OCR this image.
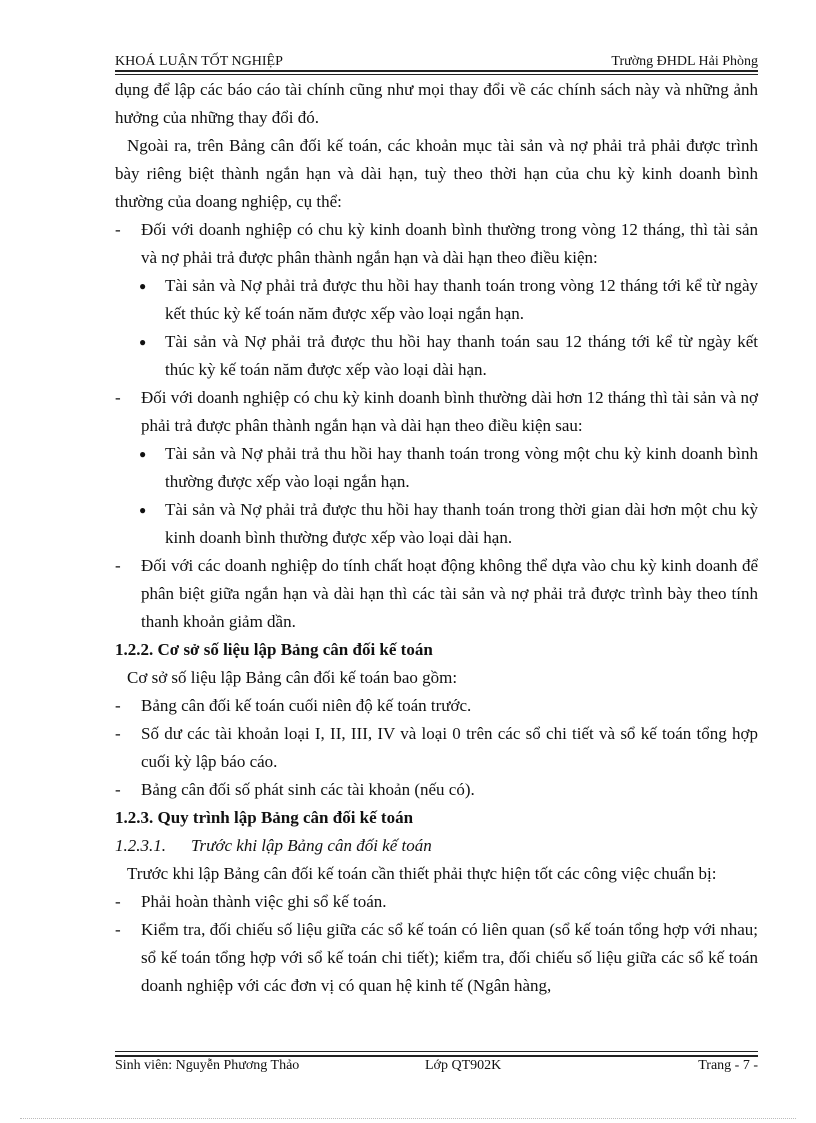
KHOÁ LUẬN TỐT NGHIỆP	Trường ĐHDL Hải Phòng

dụng để lập các báo cáo tài chính cũng như mọi thay đổi về các chính sách này và những ảnh hưởng của những thay đổi đó.

Ngoài ra, trên Bảng cân đối kế toán, các khoản mục tài sản và nợ phải trả phải được trình bày riêng biệt thành ngắn hạn và dài hạn, tuỳ theo thời hạn của chu kỳ kinh doanh bình thường của doang nghiệp, cụ thể:

- Đối với doanh nghiệp có chu kỳ kinh doanh bình thường trong vòng 12 tháng, thì tài sản và nợ phải trả được phân thành ngắn hạn và dài hạn theo điều kiện:

● Tài sản và Nợ phải trả được thu hồi hay thanh toán trong vòng 12 tháng tới kể từ ngày kết thúc kỳ kế toán năm được xếp vào loại ngắn hạn.

● Tài sản và Nợ phải trả được thu hồi hay thanh toán sau 12 tháng tới kể từ ngày kết thúc kỳ kế toán năm được xếp vào loại dài hạn.

- Đối với doanh nghiệp có chu kỳ kinh doanh bình thường dài hơn 12 tháng thì tài sản và nợ phải trả được phân thành ngắn hạn và dài hạn theo điều kiện sau:

● Tài sản và Nợ phải trả thu hồi hay thanh toán trong vòng một chu kỳ kinh doanh bình thường được xếp vào loại ngắn hạn.

● Tài sản và Nợ phải trả được thu hồi hay thanh toán trong thời gian dài hơn một chu kỳ kinh doanh bình thường được xếp vào loại dài hạn.

- Đối với các doanh nghiệp do tính chất hoạt động không thể dựa vào chu kỳ kinh doanh để phân biệt giữa ngắn hạn và dài hạn thì các tài sản và nợ phải trả được trình bày theo tính thanh khoản giảm dần.

1.2.2. Cơ sở số liệu lập Bảng cân đối kế toán

Cơ sở số liệu lập Bảng cân đối kế toán bao gồm:

- Bảng cân đối kế toán cuối niên độ kế toán trước.

- Số dư các tài khoản loại I, II, III, IV và loại 0 trên các sổ chi tiết và sổ kế toán tổng hợp cuối kỳ lập báo cáo.

- Bảng cân đối số phát sinh các tài khoản (nếu có).

1.2.3. Quy trình lập Bảng cân đối kế toán

1.2.3.1. Trước khi lập Bảng cân đối kế toán

Trước khi lập Bảng cân đối kế toán cần thiết phải thực hiện tốt các công việc chuẩn bị:

- Phải hoàn thành việc ghi sổ kế toán.

- Kiểm tra, đối chiếu số liệu giữa các sổ kế toán có liên quan (sổ kế toán tổng hợp với nhau; sổ kế toán tổng hợp với sổ kế toán chi tiết); kiểm tra, đối chiếu số liệu giữa các sổ kế toán doanh nghiệp với các đơn vị có quan hệ kinh tế (Ngân hàng,

Sinh viên: Nguyễn Phương Thảo	Lớp QT902K	Trang - 7 -
